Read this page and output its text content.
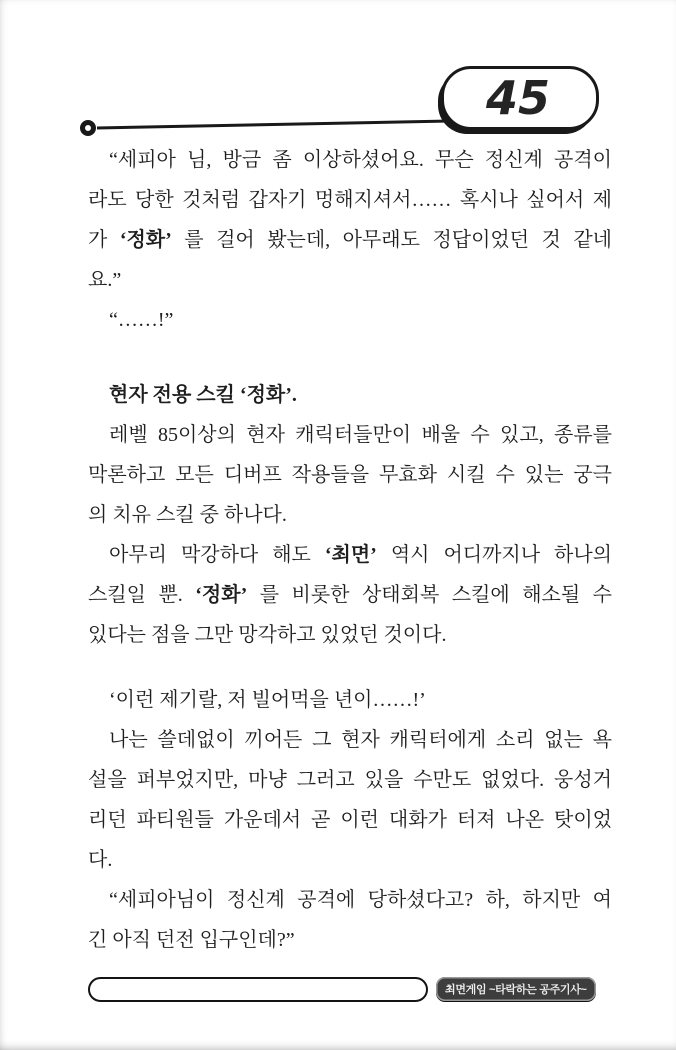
45
“세피아 님, 방금 좀 이상하셨어요. 무슨 정신계 공격이
라도 당한 것처럼 갑자기 멍해지셔서…… 혹시나 싶어서 제
가 ‘정화’ 를 걸어 봤는데, 아무래도 정답이었던 것 같네
요.”
“……!”
현자 전용 스킬 ‘정화’.
레벨 85이상의 현자 캐릭터들만이 배울 수 있고, 종류를
막론하고 모든 디버프 작용들을 무효화 시킬 수 있는 궁극
의 치유 스킬 중 하나다.
아무리 막강하다 해도 ‘최면’ 역시 어디까지나 하나의
스킬일 뿐. ‘정화’ 를 비롯한 상태회복 스킬에 해소될 수
있다는 점을 그만 망각하고 있었던 것이다.
‘이런 제기랄, 저 빌어먹을 년이……!’
나는 쓸데없이 끼어든 그 현자 캐릭터에게 소리 없는 욕
설을 퍼부었지만, 마냥 그러고 있을 수만도 없었다. 웅성거
리던 파티원들 가운데서 곧 이런 대화가 터져 나온 탓이었
다.
“세피아님이 정신계 공격에 당하셨다고? 하, 하지만 여
긴 아직 던전 입구인데?”
최면게임 ~타락하는 공주기사~
